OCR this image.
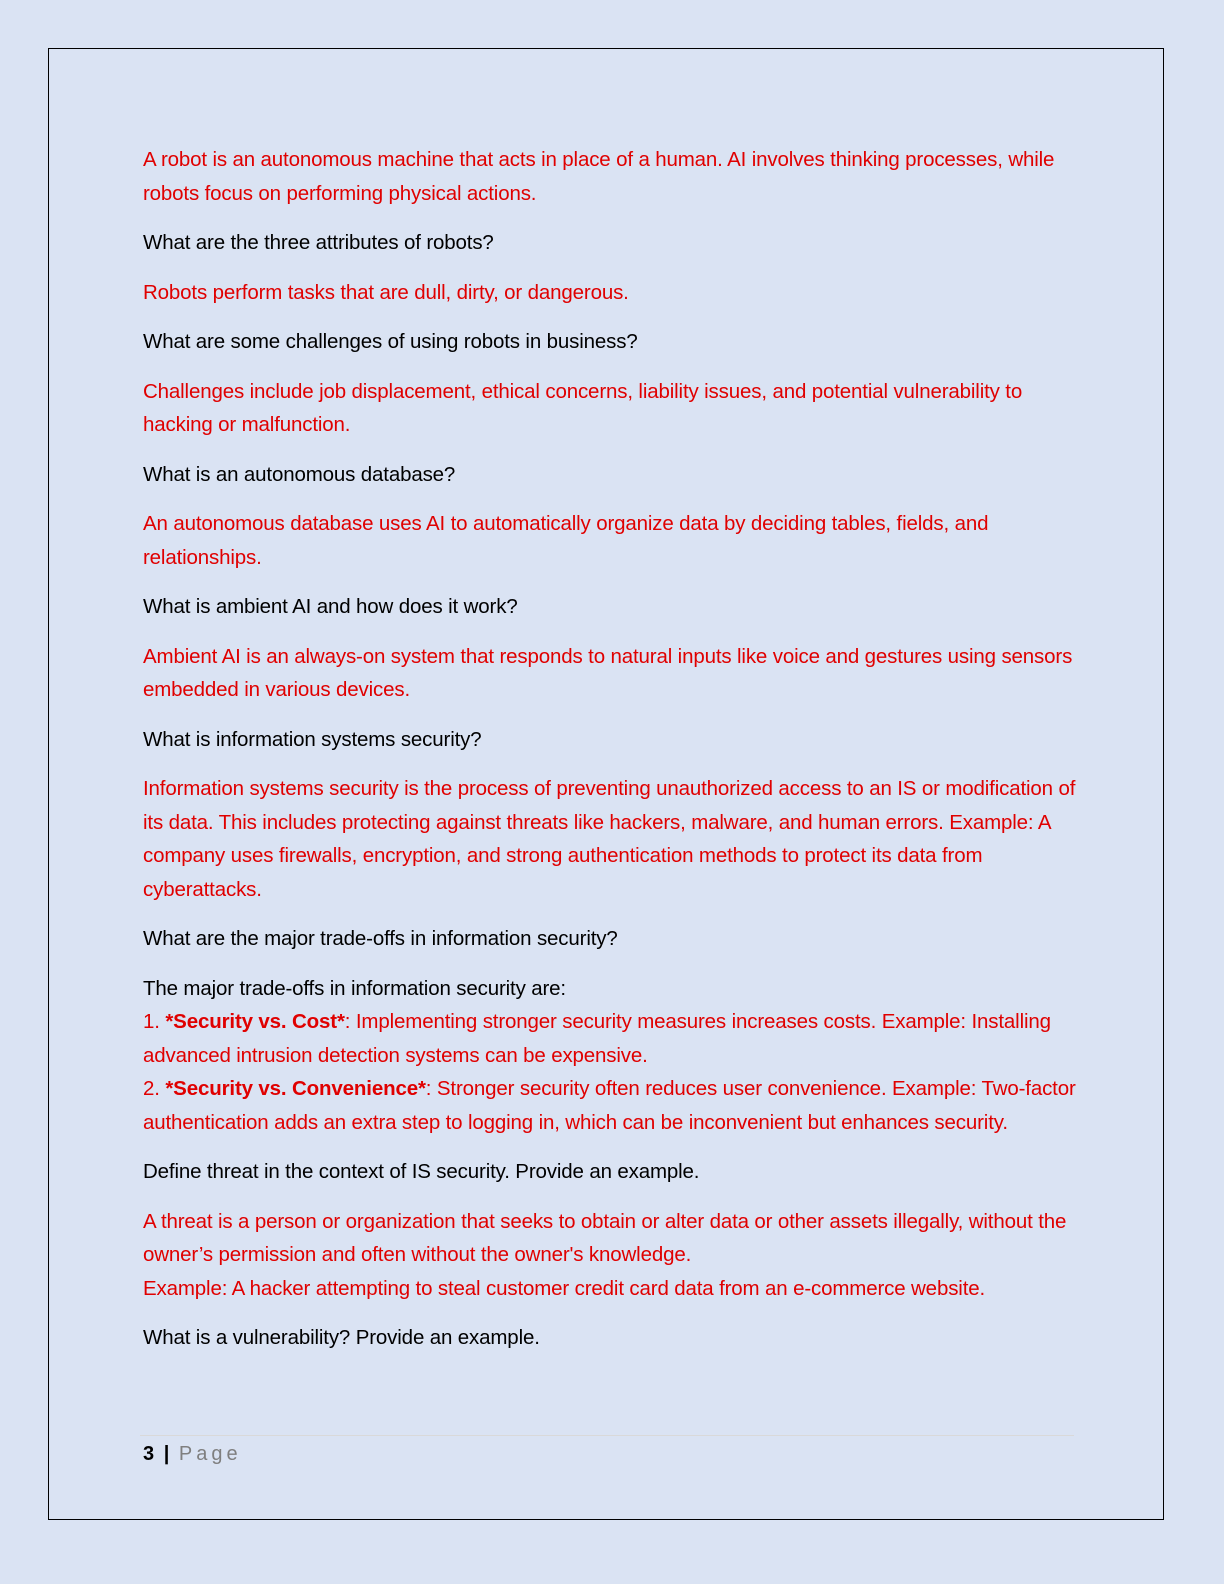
A robot is an autonomous machine that acts in place of a human. AI involves thinking processes, while robots focus on performing physical actions.

What are the three attributes of robots?

Robots perform tasks that are dull, dirty, or dangerous.

What are some challenges of using robots in business?

Challenges include job displacement, ethical concerns, liability issues, and potential vulnerability to hacking or malfunction.

What is an autonomous database?

An autonomous database uses AI to automatically organize data by deciding tables, fields, and relationships.

What is ambient AI and how does it work?

Ambient AI is an always-on system that responds to natural inputs like voice and gestures using sensors embedded in various devices.

What is information systems security?

Information systems security is the process of preventing unauthorized access to an IS or modification of its data. This includes protecting against threats like hackers, malware, and human errors. Example: A company uses firewalls, encryption, and strong authentication methods to protect its data from cyberattacks.

What are the major trade-offs in information security?

The major trade-offs in information security are:
1. *Security vs. Cost*: Implementing stronger security measures increases costs. Example: Installing advanced intrusion detection systems can be expensive.
2. *Security vs. Convenience*: Stronger security often reduces user convenience. Example: Two-factor authentication adds an extra step to logging in, which can be inconvenient but enhances security.

Define threat in the context of IS security. Provide an example.

A threat is a person or organization that seeks to obtain or alter data or other assets illegally, without the owner’s permission and often without the owner's knowledge.
Example: A hacker attempting to steal customer credit card data from an e-commerce website.

What is a vulnerability? Provide an example.

3 | Page
